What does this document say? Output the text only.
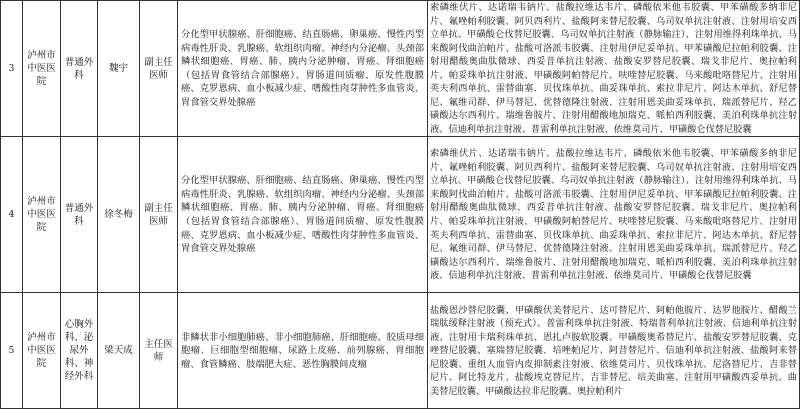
3	泸州市中医医院	普通外科	魏宇	副主任医师	分化型甲状腺癌、肝细胞癌、结直肠癌、卵巢癌、慢性丙型病毒性肝炎、乳腺癌、软组织肉瘤、神经内分泌瘤、头颈部鳞状细胞癌、胃癌、肺、胰内分泌肿瘤、胃癌、肾细胞癌（包括胃食管结合部腺癌）、胃肠道间质瘤、原发性腹膜癌、克罗恩病、血小板减少症、嗜酸性肉芽肿性多血管炎、胃食管交界处腺癌	索磷维伏片、达诺瑞韦钠片、盐酸拉维达韦片、磷酸依米他韦胶囊、甲苯磺酸多纳非尼片、氟唑帕利胶囊、阿贝西利片、盐酸阿来替尼胶囊、乌司奴单抗注射液、注射用培安西立单抗、甲磺酸仑伐替尼胶囊、乌司奴单抗注射液（静脉输注）、注射用维得利珠单抗、马来酸阿伐曲泊帕片、盐酸可洛派韦胶囊、注射用伊尼妥单抗、甲苯磺酸尼拉帕利胶囊、注射用醋酸奥曲肽微球、西妥昔单抗注射液、盐酸安罗替尼胶囊、瑞戈非尼片、奥拉帕利片、帕妥珠单抗注射液、甲磺酸阿帕替尼片、呋喹替尼胶囊、马来酸吡咯替尼片、注射用英夫利西单抗、雷替曲塞、贝伐珠单抗、曲妥珠单抗、索拉非尼片、阿达木单抗、舒尼替尼、氟维司群、伊马替尼、优替德隆注射液、注射用恩美曲妥珠单抗、瑞派替尼片、羟乙磺酸达尔西利片、瑞维鲁胺片、注射用醋酸地加瑞克、哌柏西利胶囊、美泊利珠单抗注射液、信迪利单抗注射液、普雷利单抗注射液、依维莫司片、甲磺酸仑伐替尼胶囊
4	泸州市中医医院	普通外科	徐冬梅	副主任医师	分化型甲状腺癌、肝细胞癌、结直肠癌、卵巢癌、慢性丙型病毒性肝炎、乳腺癌、软组织肉瘤、神经内分泌瘤、头颈部鳞状细胞癌、胃癌、肺、胰内分泌肿瘤、胃癌、肾细胞癌（包括胃食管结合部腺癌）、胃肠道间质瘤、原发性腹膜癌、克罗恩病、血小板减少症、嗜酸性肉芽肿性多血管炎、胃食管交界处腺癌	索磷维伏片、达诺瑞韦钠片、盐酸拉维达韦片、磷酸依米他韦胶囊、甲苯磺酸多纳非尼片、氟唑帕利胶囊、阿贝西利片、盐酸阿来替尼胶囊、乌司奴单抗注射液、注射用培安西立单抗、甲磺酸仑伐替尼胶囊、乌司奴单抗注射液（静脉输注）、注射用维得利珠单抗、马来酸阿伐曲泊帕片、盐酸可洛派韦胶囊、注射用伊尼妥单抗、甲苯磺酸尼拉帕利胶囊、注射用醋酸奥曲肽微球、西妥昔单抗注射液、盐酸安罗替尼胶囊、瑞戈非尼片、奥拉帕利片、帕妥珠单抗注射液、甲磺酸阿帕替尼片、呋喹替尼胶囊、马来酸吡咯替尼片、注射用英夫利西单抗、雷替曲塞、贝伐珠单抗、曲妥珠单抗、索拉非尼片、阿达木单抗、舒尼替尼、氟维司群、伊马替尼、优替德隆注射液、注射用恩美曲妥珠单抗、瑞派替尼片、羟乙磺酸达尔西利片、瑞维鲁胺片、注射用醋酸地加瑞克、哌柏西利胶囊、美泊利珠单抗注射液、信迪利单抗注射液、普雷利单抗注射液、依维莫司片、甲磺酸仑伐替尼胶囊
5	泸州市中医医院	心胸外科、泌尿外科、神经外科	梁天成	主任医师	非鳞状非小细胞肺癌、非小细胞肺癌、肝细胞癌、胶质母细胞瘤、巨细胞型细胞瘤、尿路上皮癌、前列腺癌、胃细胞瘤、食管鳞癌、肢端肥大症、恶性胸膜间皮瘤	盐酸恩沙替尼胶囊、甲磺酸伏美替尼片、达可替尼片、阿帕他胺片、达罗他胺片、醋酸兰瑞肽缓释注射液（预充式）、普雷利珠单抗注射液、特瑞普利单抗注射液、信迪利单抗注射液、注射用卡瑞利珠单抗、恩扎卢胺软胶囊、甲磺酸奥希替尼片、盐酸安罗替尼胶囊、克唑替尼胶囊、塞瑞替尼胶囊、培唑帕尼片、阿昔替尼片、信迪利单抗注射液、盐酸阿来替尼胶囊、重组人血管内皮抑制素注射液、依维莫司片、贝伐珠单抗、尼洛替尼片、吉非替尼片、阿比特龙片、盐酸埃克替尼片、吉非替尼、培美曲塞、注射用甲磺酸西妥单抗、曲美替尼胶囊、甲磺酸达拉非尼胶囊、奥拉帕利片
